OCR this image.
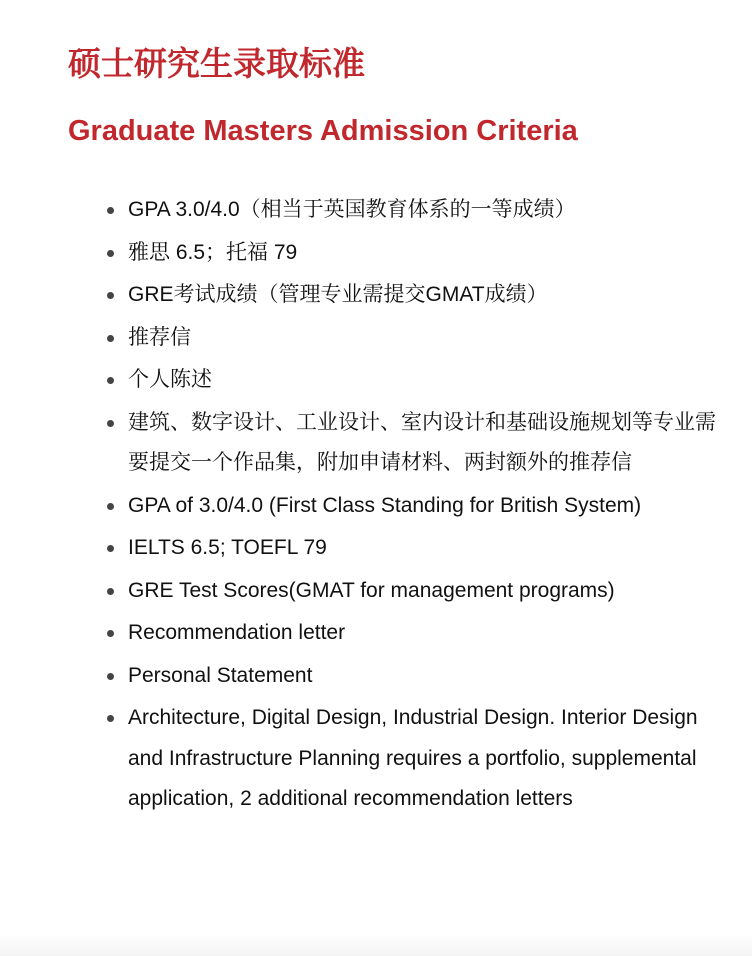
硕士研究生录取标准
Graduate Masters Admission Criteria
GPA 3.0/4.0（相当于英国教育体系的一等成绩）
雅思 6.5；托福 79
GRE考试成绩（管理专业需提交GMAT成绩）
推荐信
个人陈述
建筑、数字设计、工业设计、室内设计和基础设施规划等专业需要提交一个作品集，附加申请材料、两封额外的推荐信
GPA of 3.0/4.0 (First Class Standing for British System)
IELTS 6.5; TOEFL 79
GRE Test Scores(GMAT for management programs)
Recommendation letter
Personal Statement
Architecture, Digital Design, Industrial Design. Interior Design and Infrastructure Planning requires a portfolio, supplemental application, 2 additional recommendation letters
